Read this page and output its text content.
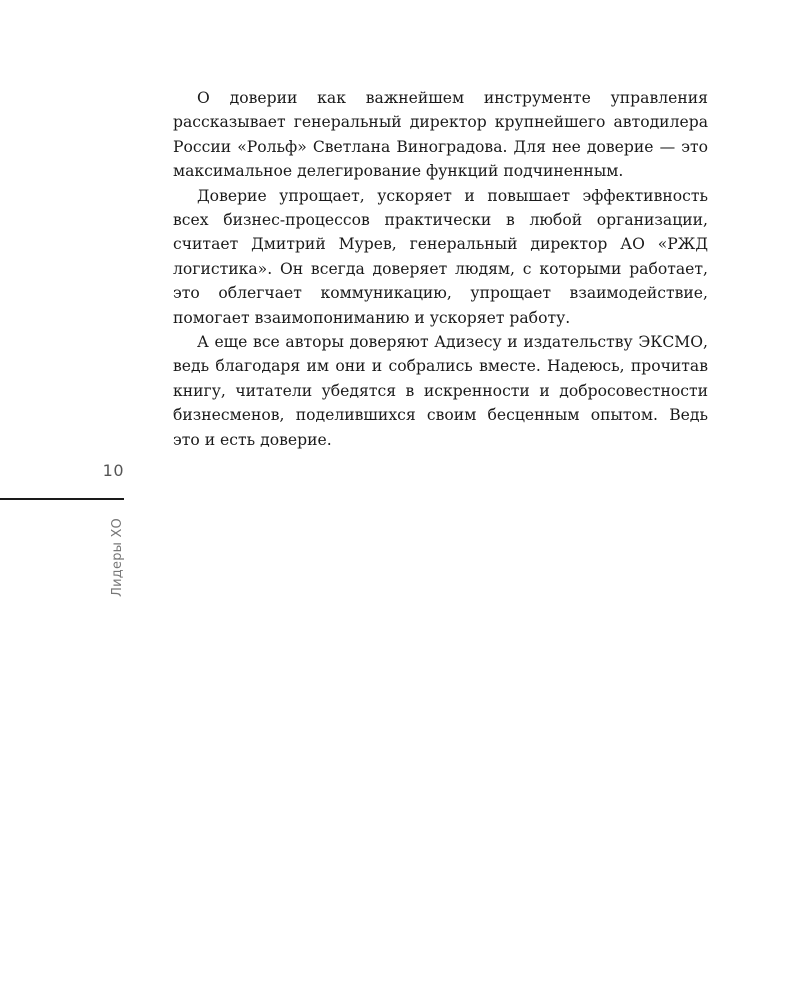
10
Лидеры ХО

О доверии как важнейшем инструменте управления рассказывает генеральный директор крупнейшего автодилера России «Рольф» Светлана Виноградова. Для нее доверие — это максимальное делегирование функций подчиненным.

Доверие упрощает, ускоряет и повышает эффективность всех бизнес-процессов практически в любой организации, считает Дмитрий Мурев, генеральный директор АО «РЖД логистика». Он всегда доверяет людям, с которыми работает, это облегчает коммуникацию, упрощает взаимодействие, помогает взаимопониманию и ускоряет работу.

А еще все авторы доверяют Адизесу и издательству ЭКСМО, ведь благодаря им они и собрались вместе. Надеюсь, прочитав книгу, читатели убедятся в искренности и добросовестности бизнесменов, поделившихся своим бесценным опытом. Ведь это и есть доверие.
